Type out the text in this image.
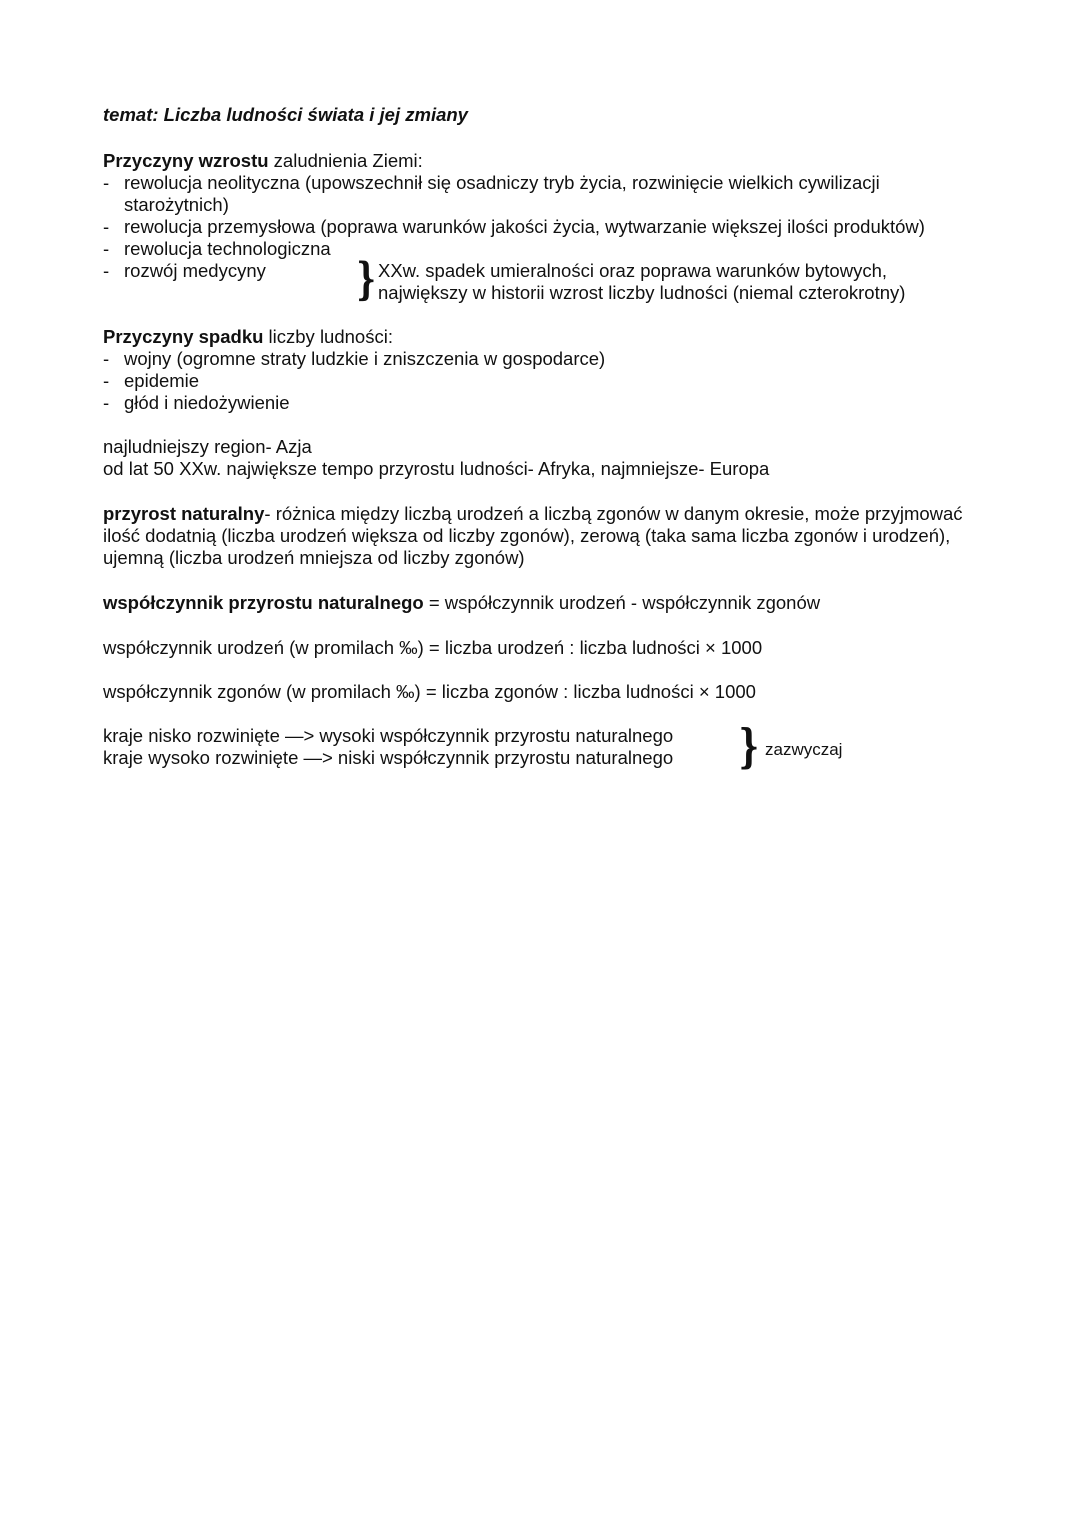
temat: Liczba ludności świata i jej zmiany
Przyczyny wzrostu zaludnienia Ziemi:
- rewolucja neolityczna (upowszechnił się osadniczy tryb życia, rozwinięcie wielkich cywilizacji starożytnich)
- rewolucja przemysłowa (poprawa warunków jakości życia, wytwarzanie większej ilości produktów)
- rewolucja technologiczna
- rozwój medycyny	} XXw. spadek umieralności oraz poprawa warunków bytowych,
największy w historii wzrost liczby ludności (niemal czterokrotny)
Przyczyny spadku liczby ludności:
- wojny (ogromne straty ludzkie i zniszczenia w gospodarce)
- epidemie
- głód i niedożywienie
najludniejszy region- Azja
od lat 50 XXw. największe tempo przyrostu ludności- Afryka, najmniejsze- Europa
przyrost naturalny- różnica między liczbą urodzeń a liczbą zgonów w danym okresie, może przyjmować ilość dodatnią (liczba urodzeń większa od liczby zgonów), zerową (taka sama liczba zgonów i urodzeń), ujemną (liczba urodzeń mniejsza od liczby zgonów)
współczynnik przyrostu naturalnego = współczynnik urodzeń - współczynnik zgonów
współczynnik urodzeń (w promilach ‰) = liczba urodzeń : liczba ludności × 1000
współczynnik zgonów (w promilach ‰) = liczba zgonów : liczba ludności × 1000
kraje nisko rozwinięte —> wysoki współczynnik przyrostu naturalnego
kraje wysoko rozwinięte —> niski współczynnik przyrostu naturalnego	} zazwyczaj
